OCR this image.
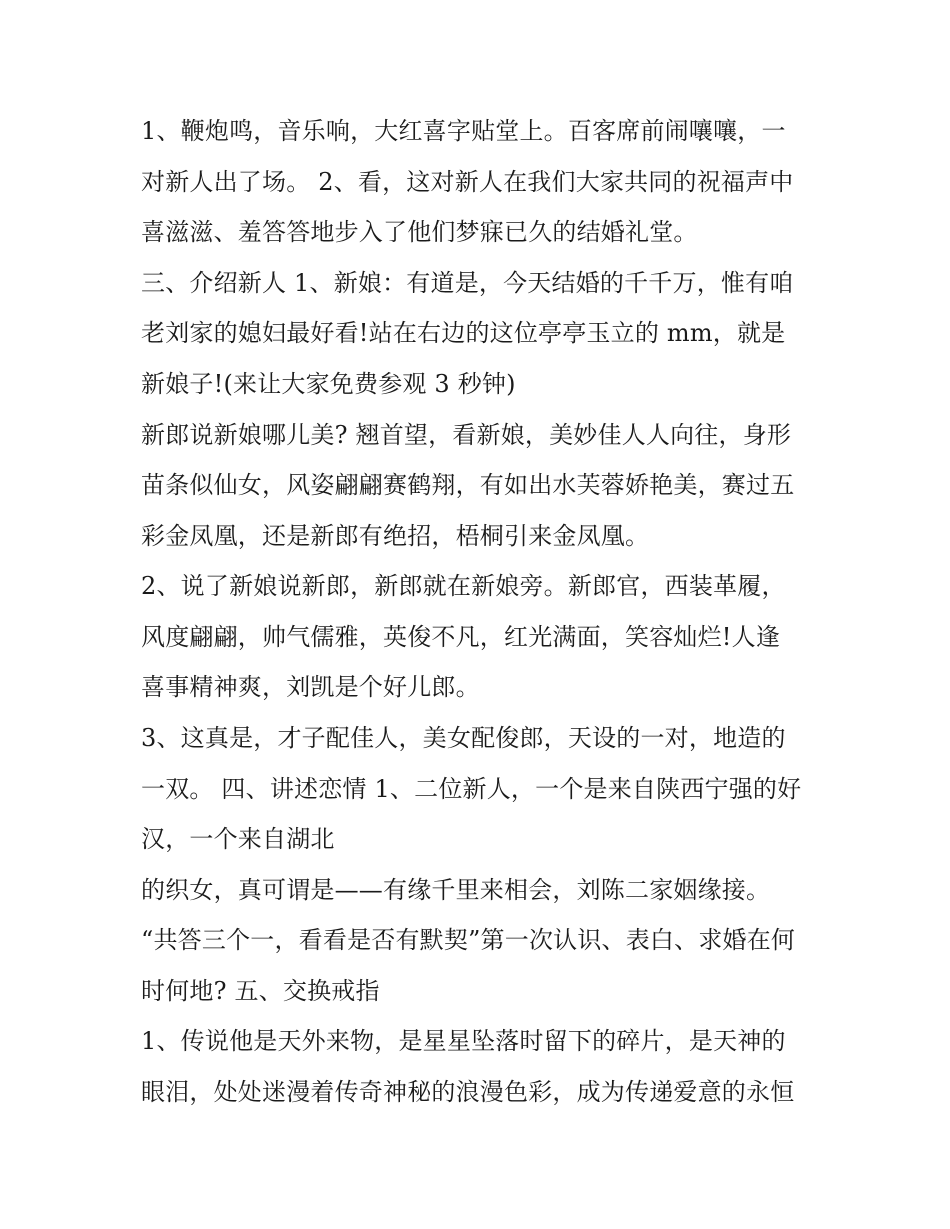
1、鞭炮鸣，音乐响，大红喜字贴堂上。百客席前闹嚷嚷，一
对新人出了场。 2、看，这对新人在我们大家共同的祝福声中
喜滋滋、羞答答地步入了他们梦寐已久的结婚礼堂。
三、介绍新人 1、新娘：有道是，今天结婚的千千万，惟有咱
老刘家的媳妇最好看!站在右边的这位亭亭玉立的 mm，就是
新娘子!(来让大家免费参观 3 秒钟)
新郎说新娘哪儿美? 翘首望，看新娘，美妙佳人人向往，身形
苗条似仙女，风姿翩翩赛鹤翔，有如出水芙蓉娇艳美，赛过五
彩金凤凰，还是新郎有绝招，梧桐引来金凤凰。
2、说了新娘说新郎，新郎就在新娘旁。新郎官，西装革履，
风度翩翩，帅气儒雅，英俊不凡，红光满面，笑容灿烂!人逢
喜事精神爽，刘凯是个好儿郎。
3、这真是，才子配佳人，美女配俊郎，天设的一对，地造的
一双。 四、讲述恋情 1、二位新人，一个是来自陕西宁强的好
汉，一个来自湖北
的织女，真可谓是——有缘千里来相会，刘陈二家姻缘接。
“共答三个一，看看是否有默契”第一次认识、表白、求婚在何
时何地? 五、交换戒指
1、传说他是天外来物，是星星坠落时留下的碎片，是天神的
眼泪，处处迷漫着传奇神秘的浪漫色彩，成为传递爱意的永恒
